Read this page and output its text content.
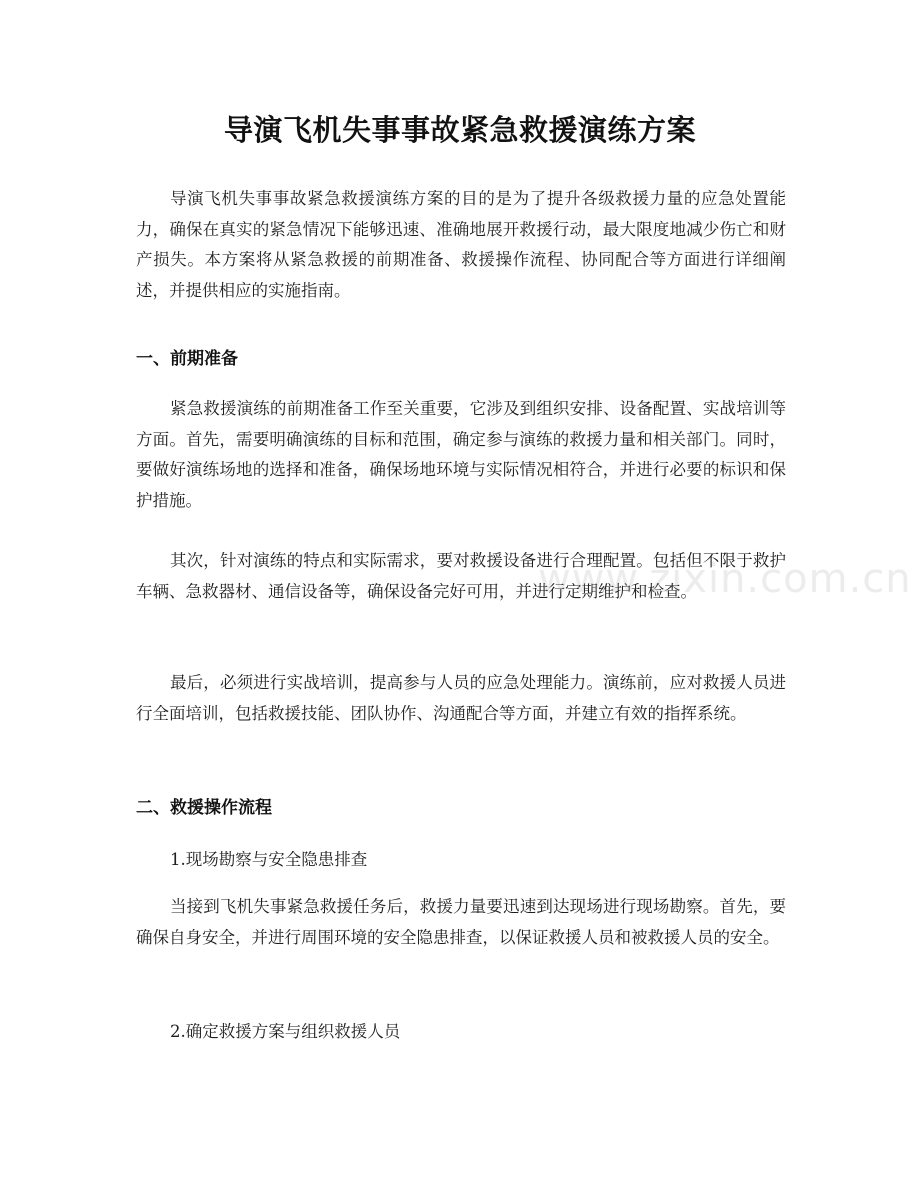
导演飞机失事事故紧急救援演练方案

导演飞机失事事故紧急救援演练方案的目的是为了提升各级救援力量的应急处置能力，确保在真实的紧急情况下能够迅速、准确地展开救援行动，最大限度地减少伤亡和财产损失。本方案将从紧急救援的前期准备、救援操作流程、协同配合等方面进行详细阐述，并提供相应的实施指南。

一、前期准备

紧急救援演练的前期准备工作至关重要，它涉及到组织安排、设备配置、实战培训等方面。首先，需要明确演练的目标和范围，确定参与演练的救援力量和相关部门。同时，要做好演练场地的选择和准备，确保场地环境与实际情况相符合，并进行必要的标识和保护措施。

其次，针对演练的特点和实际需求，要对救援设备进行合理配置。包括但不限于救护车辆、急救器材、通信设备等，确保设备完好可用，并进行定期维护和检查。

最后，必须进行实战培训，提高参与人员的应急处理能力。演练前，应对救援人员进行全面培训，包括救援技能、团队协作、沟通配合等方面，并建立有效的指挥系统。

二、救援操作流程

1.现场勘察与安全隐患排查

当接到飞机失事紧急救援任务后，救援力量要迅速到达现场进行现场勘察。首先，要确保自身安全，并进行周围环境的安全隐患排查，以保证救援人员和被救援人员的安全。

2.确定救援方案与组织救援人员

www.zixin.com.cn
